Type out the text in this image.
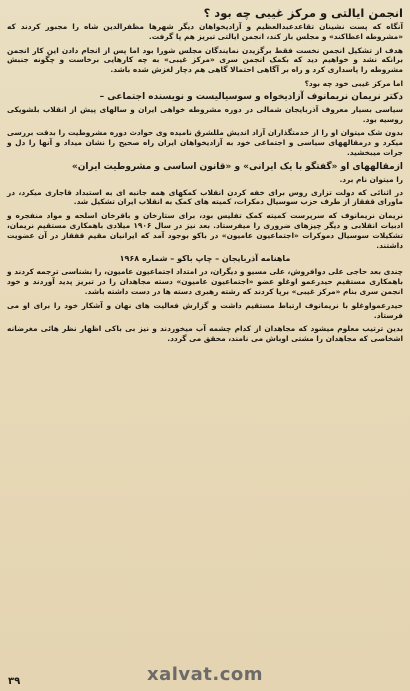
انجمن ایالتی و مرکز غیبی چه بود ؟

آنگاه که پست نشینان تقاعدعبدالعظیم و آزادیخواهان دیگر شهرها مظفرالدین شاه را مجبور کردند که «مشروطه اعطاکند» و مجلس باز کند، انجمن ایالتی تبریز هم پا گرفت.

هدف از تشکیل انجمن نخست فقط برگزیدن نمایندگان مجلس شورا بود اما پس از انجام دادن این کار انجمن برانکه نشد و خواهیم دید که بکمک انجمن سری «مرکز غیبی» به چه کارهایی برخاست و چگونه جنبش مشروطه را پاسداری کرد و راه بر آگاهی احتمالا گاهی هم دچار لغزش شده باشد.

اما مرکز غیبی خود چه بود؟

دکتر نریمان نریمانوف آزادیخواه و سوسیالیست و نویسنده اجتماعی –

سیاسی بسیار معروف آذربایجان شمالی در دوره مشروطه خواهی ایران و سالهای پیش از انقلاب بلشویکی روسیه بود.

بدون شک میتوان او را از خدمتگذاران آزاد اندیش مللشرق نامیده وی حوادث دوره مشروطیت را بدقت بررسی میکرد و درمقالههای سیاسی و اجتماعی خود به آزادیخواهان ایران راه صحیح را نشان میداد و آنها را دل و جرات میبخشید.

ازمقالههای او «گفتگو با یک ایرانی» و «قانون اساسی و مشروطیت ایران»

را میتوان نام برد.

در اثنائی که دولت تزاری روس برای خفه کردن انقلاب کمکهای همه جانبه ای به استبداد قاجاری میکرد، در ماورای قفقاز از طرف حزب سوسیال دمکرات، کمیته های کمک به انقلاب ایران تشکیل شد.

نریمان نریمانوف که سرپرست کمیته کمک تفلیس بود، برای ستارخان و باقرخان اسلحه و مواد منفجره و ادبیات انقلابی و دیگر چیزهای ضروری را میفرستاد. بعد نیز در سال ۱۹۰۶ میلادی باهمکاری مستقیم نریمان، تشکیلات سوسیال دموکرات «اجتماعیون عامیون» در باکو بوجود آمد که ایرانیان مقیم قفقاز در آن عضویت داشتند.

ماهنامه آذربایجان – چاپ باکو – شماره ۱۹۶۸

چندی بعد حاجی علی دوافروش، علی مسیو و دیگران، در امتداد اجتماعیون عامیون، را بشناسی ترجمه کردند و باهمکاری مستقیم حیدرعمو اوغلو عضو «اجتماعیون عامیون» دسته مجاهدان را در تبریز پدید آوردند و خود انجمن سری بنام «مرکز غیبی» برپا کردند که رشته رهبری دسته ها در دست داشته باشد.

حیدرعمواوغلو با نریمانوف ارتباط مستقیم داشت و گزارش فعالیت های نهان و آشکار خود را برای او می فرستاد.

بدین ترتیب معلوم میشود که مجاهدان از کدام چشمه آب میخوردند و نیز بی باکی اظهار نظر هائی مغرضانه اشخاصی که مجاهدان را مشتی اوباش می نامند، محقق می گردد.

۳۹	xalvat.com
